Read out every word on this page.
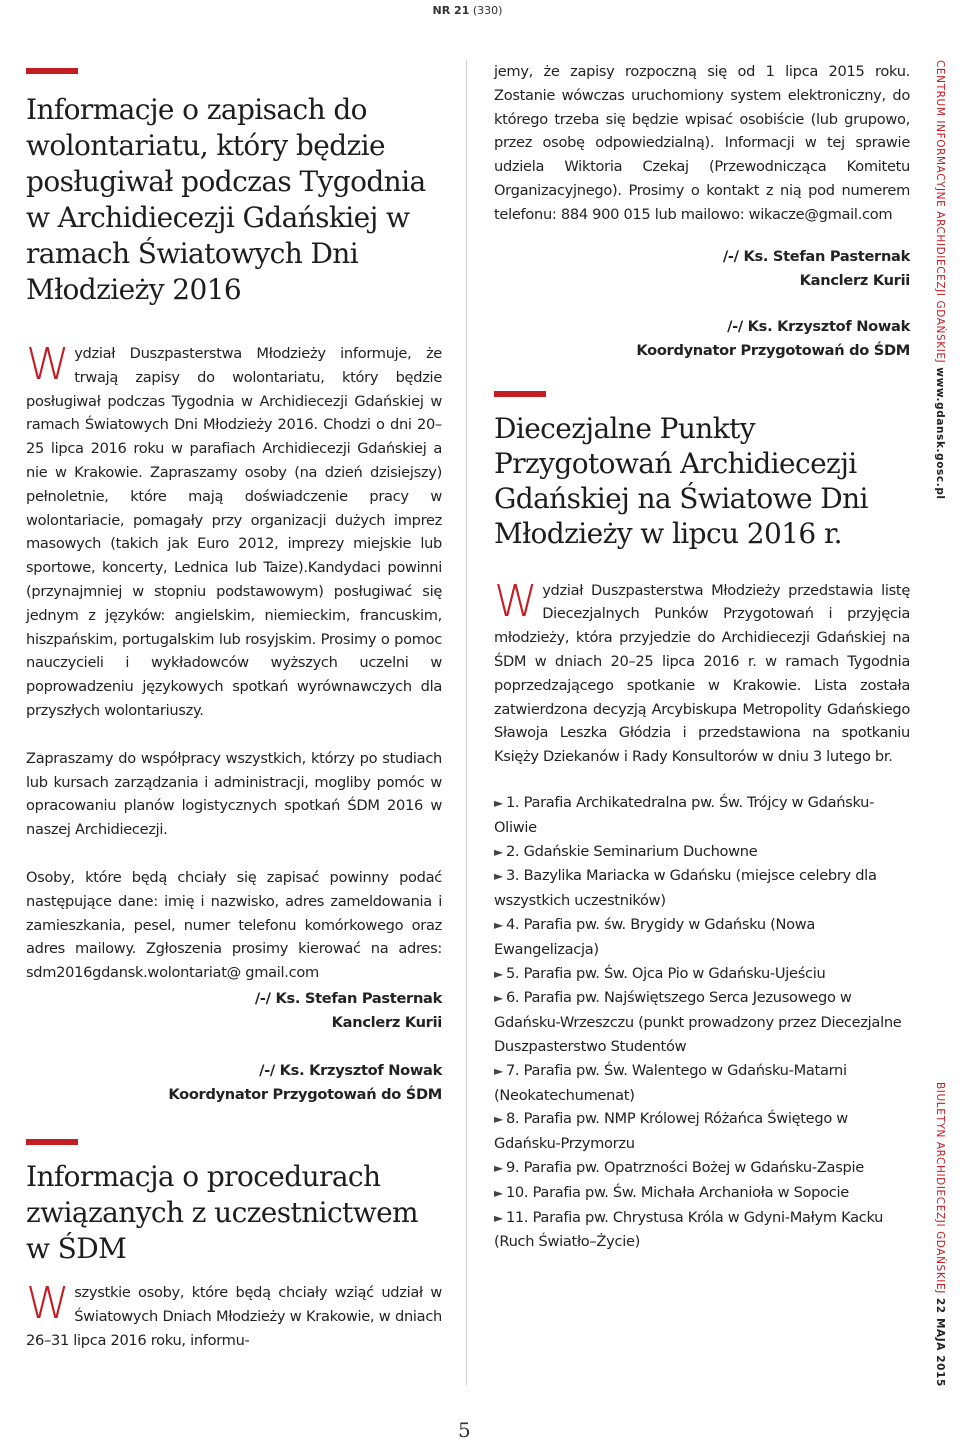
NR 21 (330)
Informacje o zapisach do wolontariatu, który będzie posługiwał podczas Tygodnia w Archidiecezji Gdańskiej w ramach Światowych Dni Młodzieży 2016

Wydział Duszpasterstwa Młodzieży informuje, że trwają zapisy do wolontariatu, który będzie posługiwał podczas Tygodnia w Archidiecezji Gdańskiej w ramach Światowych Dni Młodzieży 2016. Chodzi o dni 20–25 lipca 2016 roku w parafiach Archidiecezji Gdańskiej a nie w Krakowie. Zapraszamy osoby (na dzień dzisiejszy) pełnoletnie, które mają doświadczenie pracy w wolontariacie, pomagały przy organizacji dużych imprez masowych (takich jak Euro 2012, imprezy miejskie lub sportowe, koncerty, Lednica lub Taize).Kandydaci powinni (przynajmniej w stopniu podstawowym) posługiwać się jednym z języków: angielskim, niemieckim, francuskim, hiszpańskim, portugalskim lub rosyjskim. Prosimy o pomoc nauczycieli i wykładowców wyższych uczelni w poprowadzeniu językowych spotkań wyrównawczych dla przyszłych wolontariuszy.

Zapraszamy do współpracy wszystkich, którzy po studiach lub kursach zarządzania i administracji, mogliby pomóc w opracowaniu planów logistycznych spotkań ŚDM 2016 w naszej Archidiecezji.

Osoby, które będą chciały się zapisać powinny podać następujące dane: imię i nazwisko, adres zameldowania i zamieszkania, pesel, numer telefonu komórkowego oraz adres mailowy. Zgłoszenia prosimy kierować na adres: sdm2016gdansk.wolontariat@ gmail.com

/-/ Ks. Stefan Pasternak
Kanclerz Kurii
/-/ Ks. Krzysztof Nowak
Koordynator Przygotowań do ŚDM
Informacja o procedurach związanych z uczestnictwem w ŚDM

Wszystkie osoby, które będą chciały wziąć udział w Światowych Dniach Młodzieży w Krakowie, w dniach 26–31 lipca 2016 roku, informu-

jemy, że zapisy rozpoczną się od 1 lipca 2015 roku. Zostanie wówczas uruchomiony system elektroniczny, do którego trzeba się będzie wpisać osobiście (lub grupowo, przez osobę odpowiedzialną). Informacji w tej sprawie udziela Wiktoria Czekaj (Przewodnicząca Komitetu Organizacyjnego). Prosimy o kontakt z nią pod numerem telefonu: 884 900 015 lub mailowo: wikacze@gmail.com

/-/ Ks. Stefan Pasternak
Kanclerz Kurii
/-/ Ks. Krzysztof Nowak
Koordynator Przygotowań do ŚDM
Diecezjalne Punkty Przygotowań Archidiecezji Gdańskiej na Światowe Dni Młodzieży w lipcu 2016 r.

Wydział Duszpasterstwa Młodzieży przedstawia listę Diecezjalnych Punków Przygotowań i przyjęcia młodzieży, która przyjedzie do Archidiecezji Gdańskiej na ŚDM w dniach 20–25 lipca 2016 r. w ramach Tygodnia poprzedzającego spotkanie w Krakowie. Lista została zatwierdzona decyzją Arcybiskupa Metropolity Gdańskiego Sławoja Leszka Głódzia i przedstawiona na spotkaniu Księży Dziekanów i Rady Konsultorów w dniu 3 lutego br.

► 1. Parafia Archikatedralna pw. Św. Trójcy w Gdańsku-Oliwie
► 2. Gdańskie Seminarium Duchowne
► 3. Bazylika Mariacka w Gdańsku (miejsce celebry dla wszystkich uczestników)
► 4. Parafia pw. św. Brygidy w Gdańsku (Nowa Ewangelizacja)
► 5. Parafia pw. Św. Ojca Pio w Gdańsku-Ujeściu
► 6. Parafia pw. Najświętszego Serca Jezusowego w Gdańsku-Wrzeszczu (punkt prowadzony przez Diecezjalne Duszpasterstwo Studentów
► 7. Parafia pw. Św. Walentego w Gdańsku-Matarni (Neokatechumenat)
► 8. Parafia pw. NMP Królowej Różańca Świętego w Gdańsku-Przymorzu
► 9. Parafia pw. Opatrzności Bożej w Gdańsku-Zaspie
► 10. Parafia pw. Św. Michała Archanioła w Sopocie
► 11. Parafia pw. Chrystusa Króla w Gdyni-Małym Kacku (Ruch Światło–Życie)
CENTRUM INFORMACYJNE ARCHIDIECEZJI GDAŃSKIEJ www.gdansk.gosc.pl
BIULETYN ARCHIDIECEZJI GDAŃSKIEJ 22 MAJA 2015
5
